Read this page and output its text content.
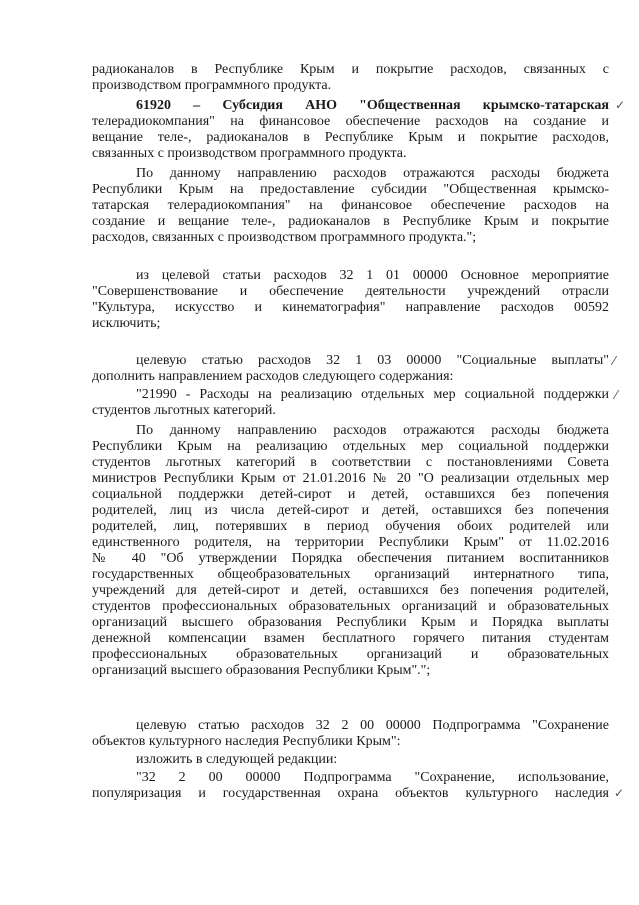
радиоканалов в Республике Крым и покрытие расходов, связанных с
производством программного продукта.
61920 – Субсидия АНО "Общественная крымско-татарская
телерадиокомпания" на финансовое обеспечение расходов на создание и
вещание теле-, радиоканалов в Республике Крым и покрытие расходов,
связанных с производством программного продукта.
По данному направлению расходов отражаются расходы бюджета
Республики Крым на предоставление субсидии "Общественная крымско-
татарская телерадиокомпания" на финансовое обеспечение расходов на
создание и вещание теле-, радиоканалов в Республике Крым и покрытие
расходов, связанных с производством программного продукта.";
из целевой статьи расходов 32 1 01 00000 Основное мероприятие
"Совершенствование и обеспечение деятельности учреждений отрасли
"Культура, искусство и кинематография" направление расходов 00592
исключить;
целевую статью расходов 32 1 03 00000 "Социальные выплаты"
дополнить направлением расходов следующего содержания:
"21990 - Расходы на реализацию отдельных мер социальной поддержки
студентов льготных категорий.
По данному направлению расходов отражаются расходы бюджета
Республики Крым на реализацию отдельных мер социальной поддержки
студентов льготных категорий в соответствии с постановлениями Совета
министров Республики Крым от 21.01.2016 № 20 "О реализации отдельных мер
социальной поддержки детей-сирот и детей, оставшихся без попечения
родителей, лиц из числа детей-сирот и детей, оставшихся без попечения
родителей, лиц, потерявших в период обучения обоих родителей или
единственного родителя, на территории Республики Крым" от 11.02.2016
№ 40 "Об утверждении Порядка обеспечения питанием воспитанников
государственных общеобразовательных организаций интернатного типа,
учреждений для детей-сирот и детей, оставшихся без попечения родителей,
студентов профессиональных образовательных организаций и образовательных
организаций высшего образования Республики Крым и Порядка выплаты
денежной компенсации взамен бесплатного горячего питания студентам
профессиональных образовательных организаций и образовательных
организаций высшего образования Республики Крым".";
целевую статью расходов 32 2 00 00000 Подпрограмма "Сохранение
объектов культурного наследия Республики Крым":
изложить в следующей редакции:
"32 2 00 00000 Подпрограмма "Сохранение, использование,
популяризация и государственная охрана объектов культурного наследия
✓
⁄
⁄
✓
